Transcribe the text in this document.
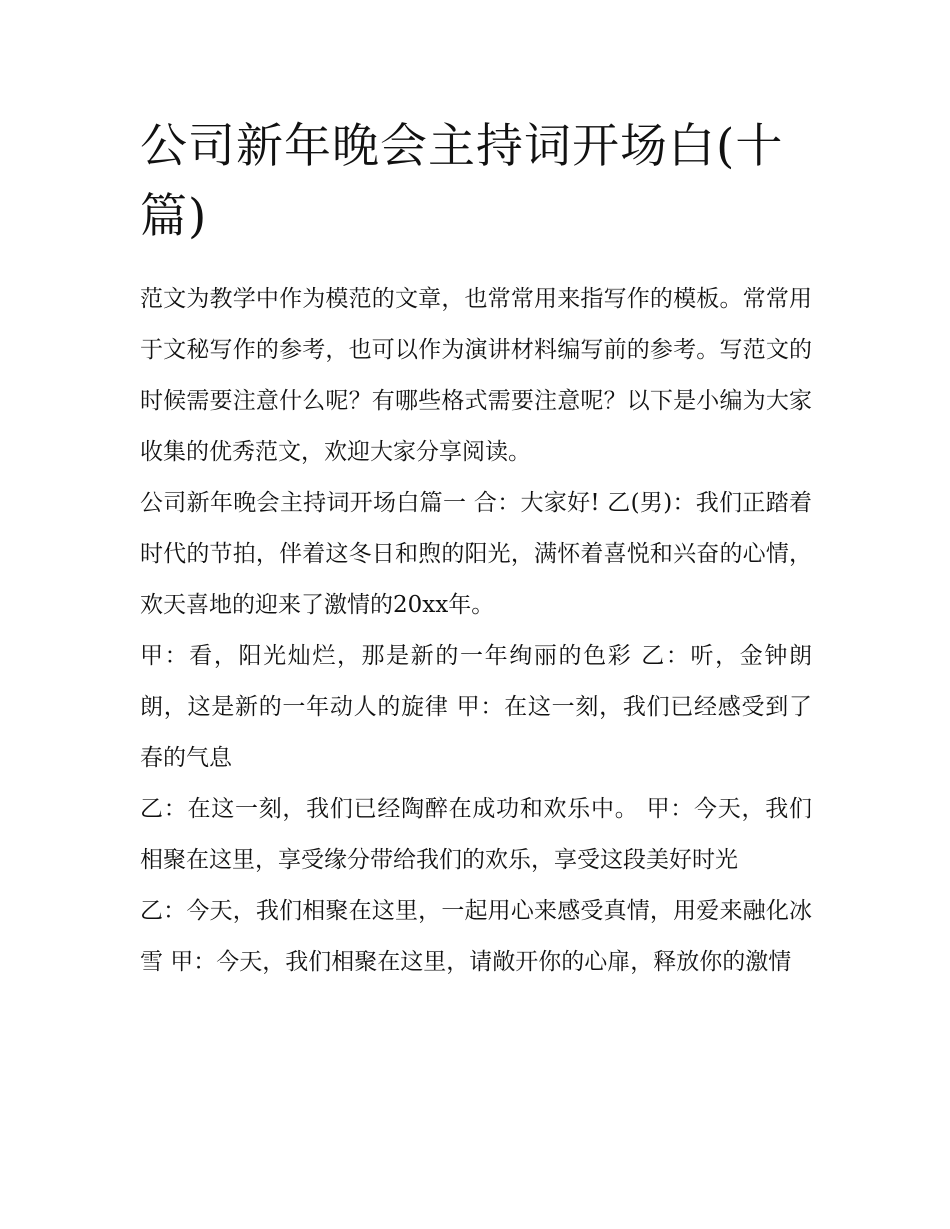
公司新年晚会主持词开场白(十篇)

范文为教学中作为模范的文章，也常常用来指写作的模板。常常用于文秘写作的参考，也可以作为演讲材料编写前的参考。写范文的时候需要注意什么呢？有哪些格式需要注意呢？以下是小编为大家收集的优秀范文，欢迎大家分享阅读。

公司新年晚会主持词开场白篇一 合：大家好! 乙(男)：我们正踏着时代的节拍，伴着这冬日和煦的阳光，满怀着喜悦和兴奋的心情，欢天喜地的迎来了激情的20xx年。

甲：看，阳光灿烂，那是新的一年绚丽的色彩 乙：听，金钟朗朗，这是新的一年动人的旋律 甲：在这一刻，我们已经感受到了春的气息

乙：在这一刻，我们已经陶醉在成功和欢乐中。 甲：今天，我们相聚在这里，享受缘分带给我们的欢乐，享受这段美好时光

乙：今天，我们相聚在这里，一起用心来感受真情，用爱来融化冰雪 甲：今天，我们相聚在这里，请敞开你的心扉，释放你的激情
